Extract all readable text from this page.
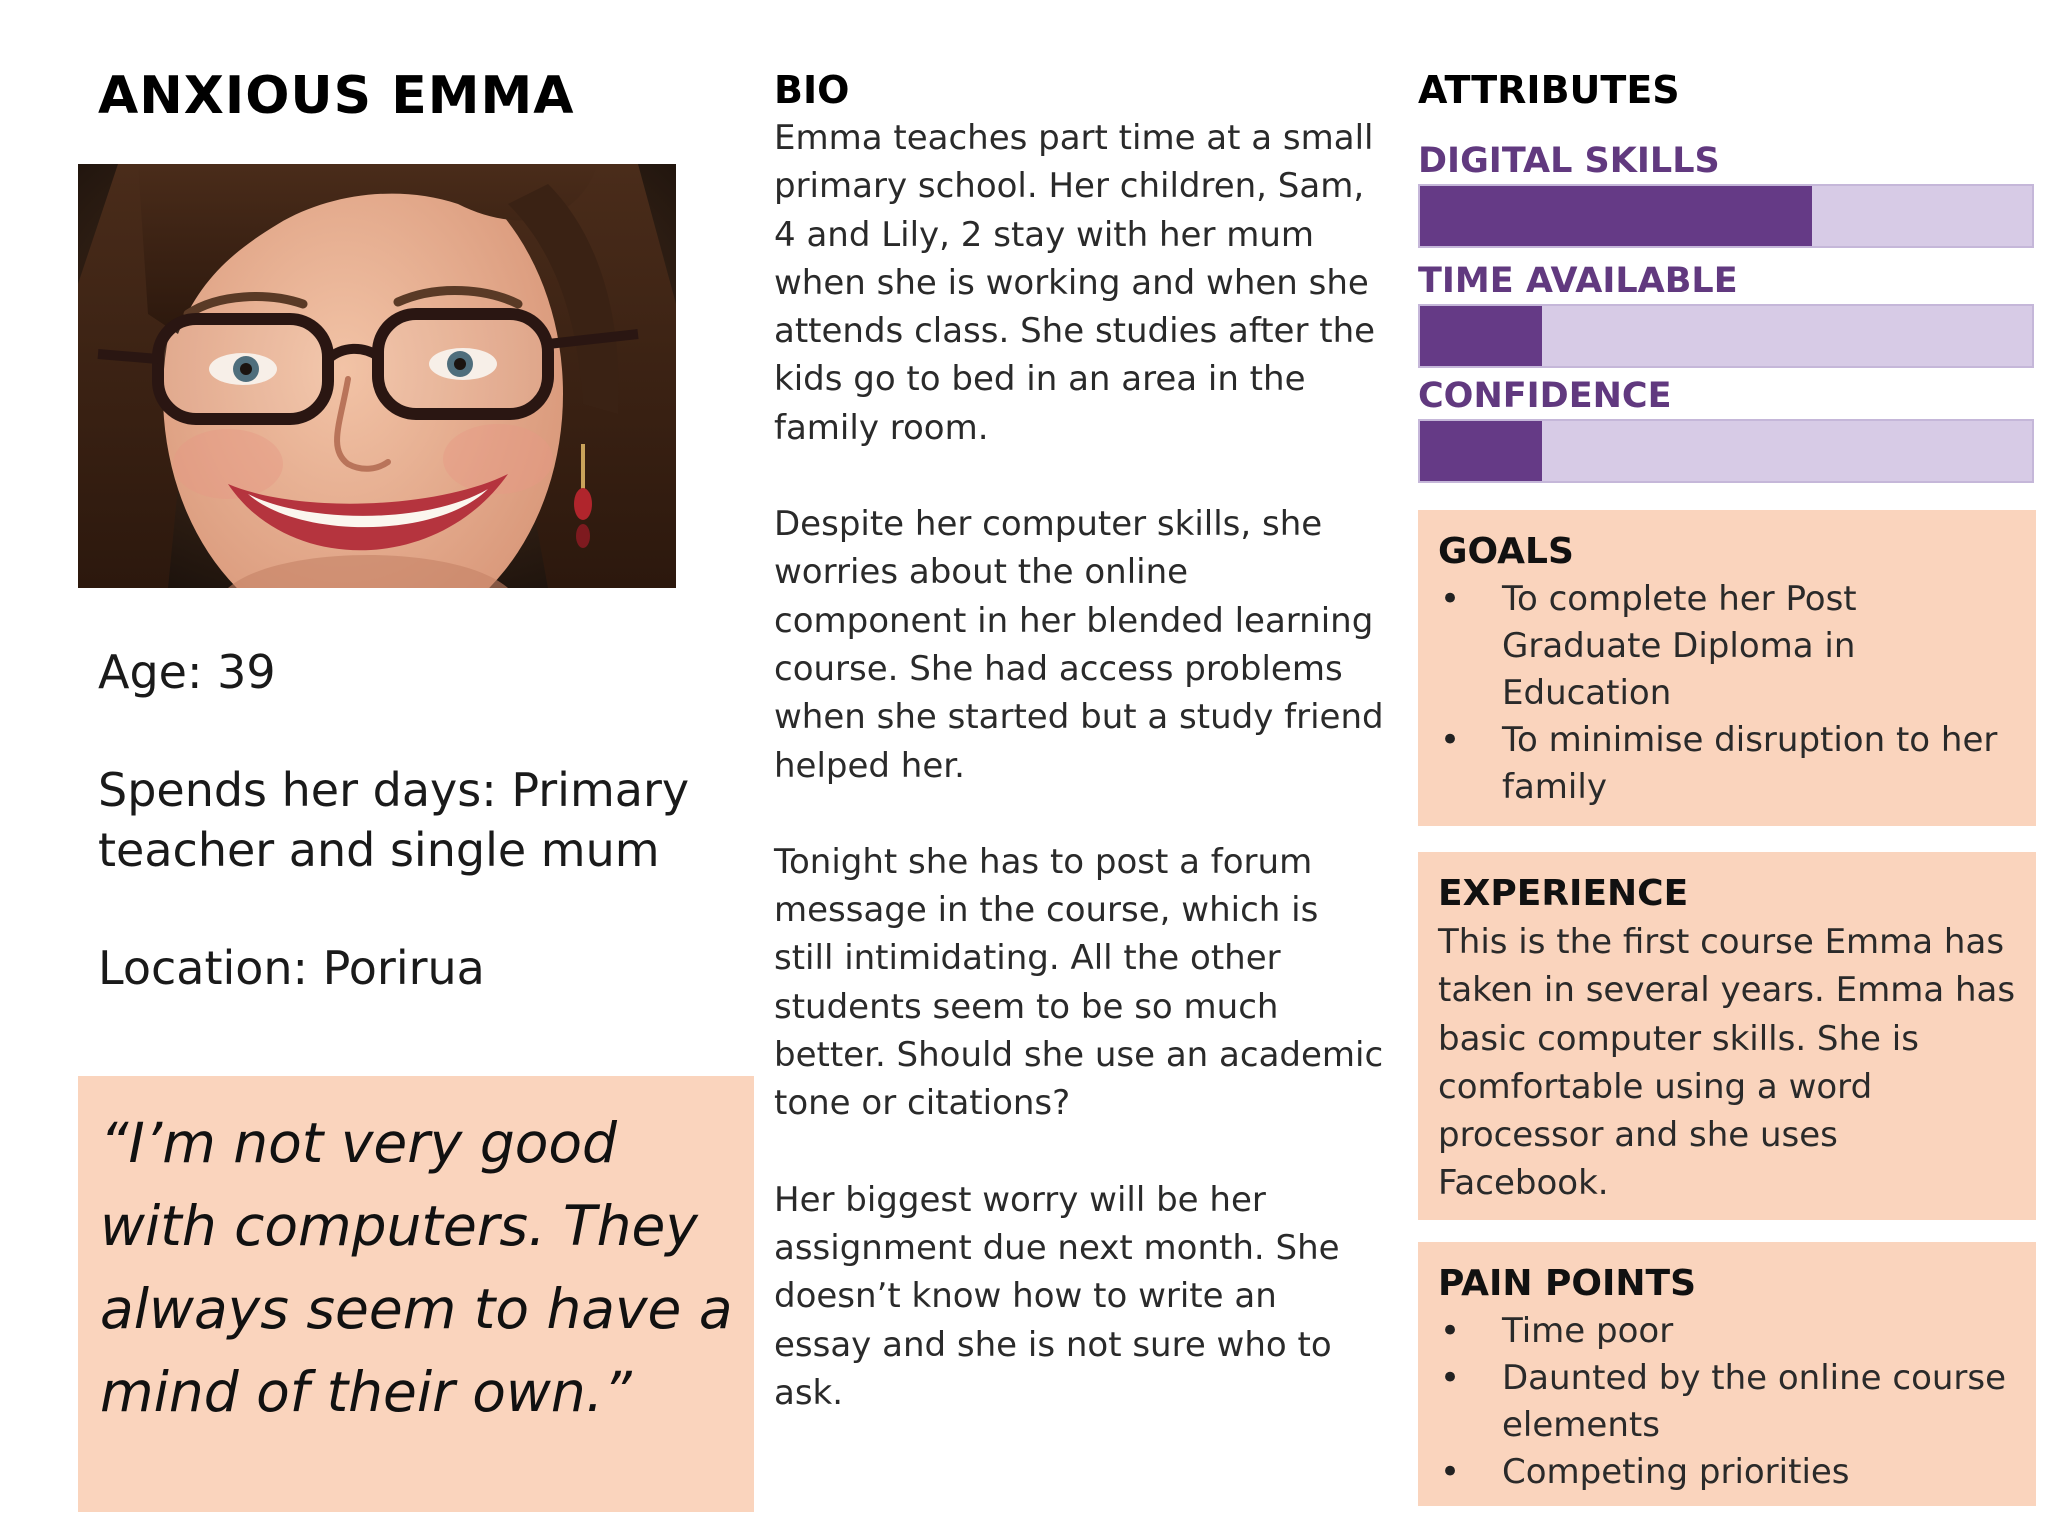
ANXIOUS EMMA

Age: 39

Spends her days: Primary teacher and single mum

Location: Porirua

“I’m not very good with computers. They always seem to have a mind of their own.”

BIO

Emma teaches part time at a small primary school. Her children, Sam, 4 and Lily, 2 stay with her mum when she is working and when she attends class. She studies after the kids go to bed in an area in the family room.

Despite her computer skills, she worries about the online component in her blended learning course. She had access problems when she started but a study friend helped her.

Tonight she has to post a forum message in the course, which is still intimidating. All the other students seem to be so much better. Should she use an academic tone or citations?

Her biggest worry will be her assignment due next month. She doesn’t know how to write an essay and she is not sure who to ask.

ATTRIBUTES

DIGITAL SKILLS

TIME AVAILABLE

CONFIDENCE

GOALS
• To complete her Post Graduate Diploma in Education
• To minimise disruption to her family
EXPERIENCE

This is the first course Emma has taken in several years. Emma has basic computer skills. She is comfortable using a word processor and she uses Facebook.

PAIN POINTS
• Time poor
• Daunted by the online course elements
• Competing priorities
